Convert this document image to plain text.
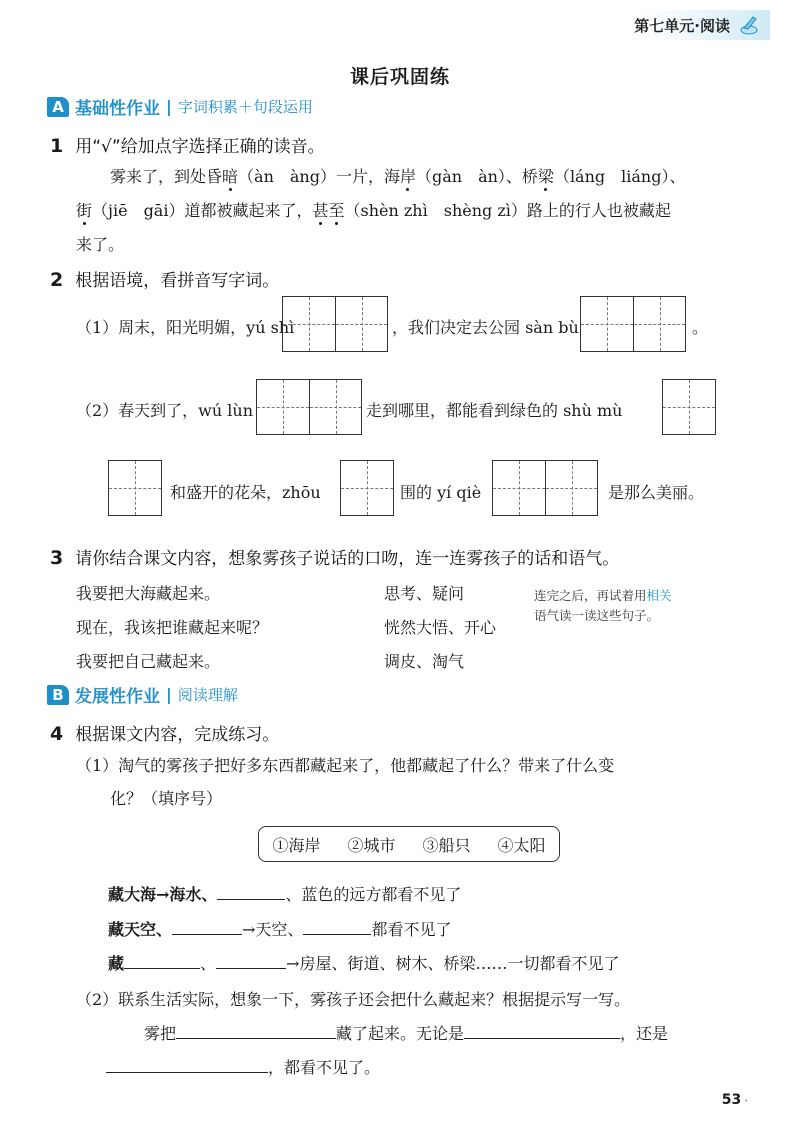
第七单元·阅读
课后巩固练
A 基础性作业 | 字词积累＋句段运用
1 用“√”给加点字选择正确的读音。
雾来了，到处昏暗（àn　àng）一片，海岸（gàn　àn）、桥梁（láng　liáng）、
街（jiē　gāi）道都被藏起来了，甚至（shèn zhì　shèng zì）路上的行人也被藏起
来了。
2 根据语境，看拼音写字词。
（1）周末，阳光明媚，yú shì	，我们决定去公园 sàn bù	。
（2）春天到了，wú lùn	走到哪里，都能看到绿色的 shù mù
和盛开的花朵，zhōu	围的 yí qiè	是那么美丽。
3 请你结合课文内容，想象雾孩子说话的口吻，连一连雾孩子的话和语气。
我要把大海藏起来。
现在，我该把谁藏起来呢？
我要把自己藏起来。
思考、疑问
恍然大悟、开心
调皮、淘气
连完之后，再试着用相关
语气读一读这些句子。
B 发展性作业 | 阅读理解
4 根据课文内容，完成练习。
（1）淘气的雾孩子把好多东西都藏起来了，他都藏起了什么？带来了什么变
化？（填序号）
①海岸 ②城市 ③船只 ④太阳
藏大海→海水、	、蓝色的远方都看不见了
藏天空、	→天空、	都看不见了
藏	、	→房屋、街道、树木、桥梁……一切都看不见了
（2）联系生活实际，想象一下，雾孩子还会把什么藏起来？根据提示写一写。
雾把	藏了起来。无论是	，还是
，都看不见了。
53 ·
